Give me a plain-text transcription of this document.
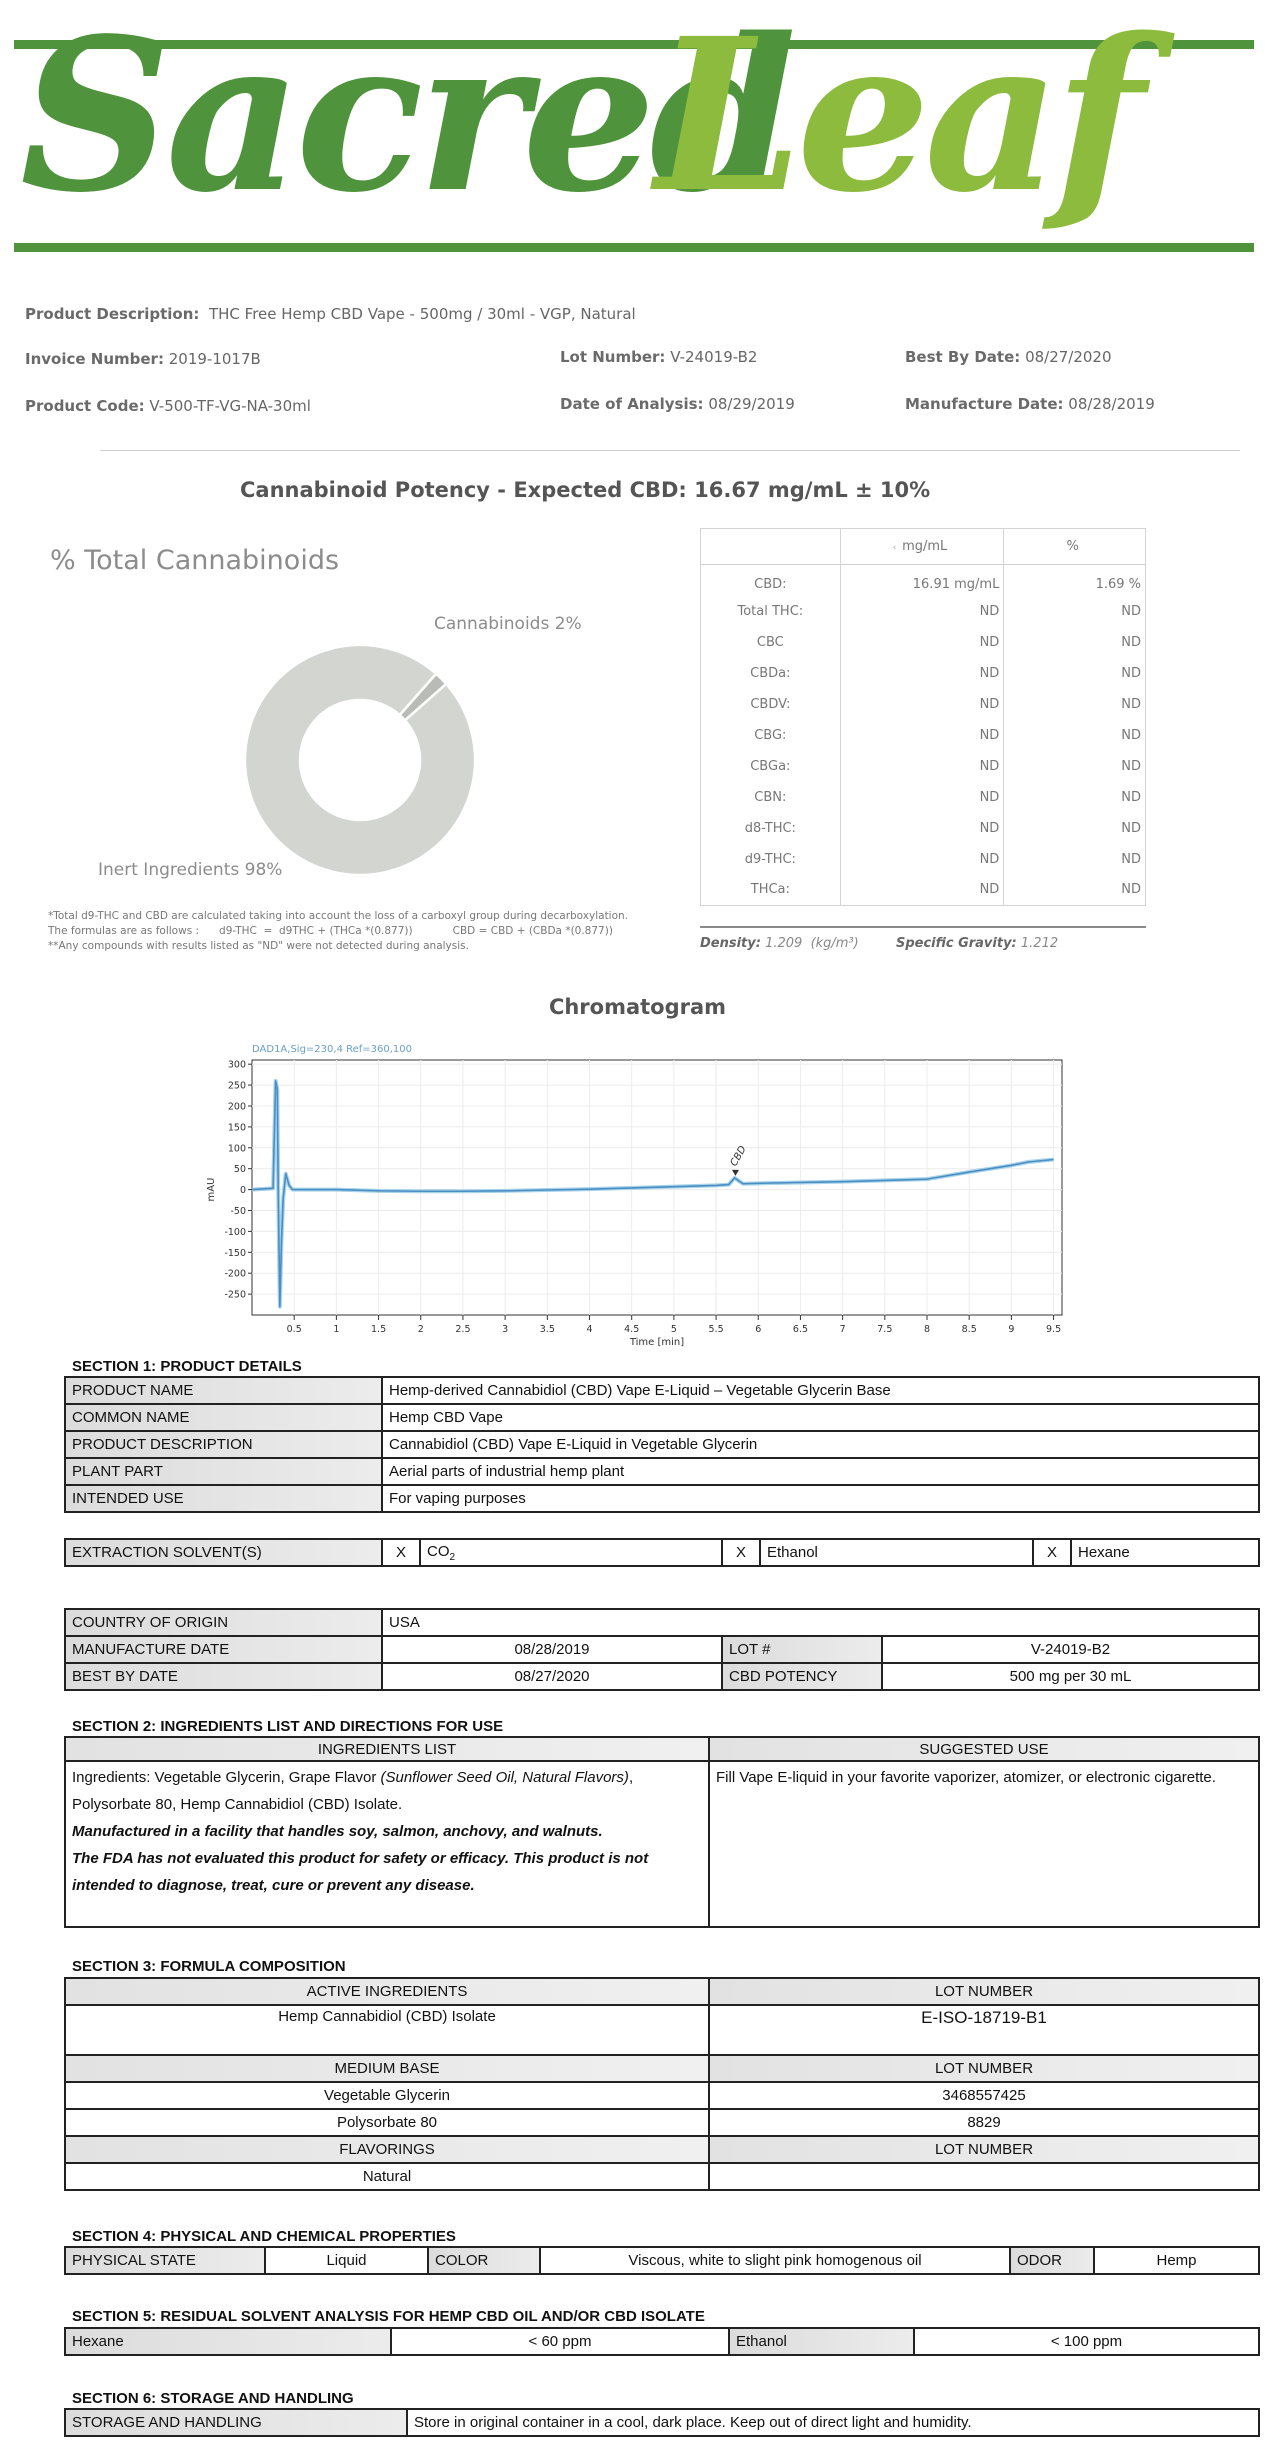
Sacred
Leaf
Product Description: THC Free Hemp CBD Vape - 500mg / 30ml - VGP, Natural
Invoice Number: 2019-1017B	Lot Number: V-24019-B2	Best By Date: 08/27/2020
Product Code: V-500-TF-VG-NA-30ml	Date of Analysis: 08/29/2019	Manufacture Date: 08/28/2019
Cannabinoid Potency - Expected CBD: 16.67 mg/mL ± 10%
% Total Cannabinoids
Cannabinoids 2%
Inert Ingredients 98%
	‹  mg/mL	%
CBD:	16.91 mg/mL	1.69 %
Total THC:	ND	ND
CBC	ND	ND
CBDa:	ND	ND
CBDV:	ND	ND
CBG:	ND	ND
CBGa:	ND	ND
CBN:	ND	ND
d8-THC:	ND	ND
d9-THC:	ND	ND
THCa:	ND	ND
Density: 1.209 (kg/m³)	Specific Gravity: 1.212
*Total d9-THC and CBD are calculated taking into account the loss of a carboxyl group during decarboxylation.
The formulas are as follows :      d9-THC  =  d9THC + (THCa *(0.877))            CBD = CBD + (CBDa *(0.877))
**Any compounds with results listed as "ND" were not detected during analysis.
Chromatogram
DAD1A,Sig=230,4 Ref=360,100
0.5	1	1.5	2	2.5	3	3.5	4	4.5	5	5.5	6	6.5	7	7.5	8	8.5	9	9.5
300
250
200
150
100
50
0
-50
-100
-150
-200
-250
Time [min]
mAU
CBD
SECTION 1: PRODUCT DETAILS
PRODUCT NAME	Hemp-derived Cannabidiol (CBD) Vape E-Liquid – Vegetable Glycerin Base
COMMON NAME	Hemp CBD Vape
PRODUCT DESCRIPTION	Cannabidiol (CBD) Vape E-Liquid in Vegetable Glycerin
PLANT PART	Aerial parts of industrial hemp plant
INTENDED USE	For vaping purposes
EXTRACTION SOLVENT(S)	X	$CO_2$	X	Ethanol	X	Hexane
COUNTRY OF ORIGIN	USA		
MANUFACTURE DATE	08/28/2019	LOT #	V-24019-B2
BEST BY DATE	08/27/2020	CBD POTENCY	500 mg per 30 mL
SECTION 2: INGREDIENTS LIST AND DIRECTIONS FOR USE
INGREDIENTS LIST	SUGGESTED USE
Ingredients: Vegetable Glycerin, Grape Flavor (Sunflower Seed Oil, Natural Flavors), Polysorbate 80, Hemp Cannabidiol (CBD) Isolate.
Manufactured in a facility that handles soy, salmon, anchovy, and walnuts.
The FDA has not evaluated this product for safety or efficacy. This product is not intended to diagnose, treat, cure or prevent any disease.	Fill Vape E-liquid in your favorite vaporizer, atomizer, or electronic cigarette.
SECTION 3: FORMULA COMPOSITION
ACTIVE INGREDIENTS	LOT NUMBER
Hemp Cannabidiol (CBD) Isolate	E-ISO-18719-B1
MEDIUM BASE	LOT NUMBER
Vegetable Glycerin	3468557425
Polysorbate 80	8829
FLAVORINGS	LOT NUMBER
Natural	
SECTION 4: PHYSICAL AND CHEMICAL PROPERTIES
PHYSICAL STATE	Liquid	COLOR	Viscous, white to slight pink homogenous oil	ODOR	Hemp
SECTION 5: RESIDUAL SOLVENT ANALYSIS FOR HEMP CBD OIL AND/OR CBD ISOLATE
Hexane	< 60 ppm	Ethanol	< 100 ppm
SECTION 6: STORAGE AND HANDLING
STORAGE AND HANDLING	Store in original container in a cool, dark place. Keep out of direct light and humidity.
